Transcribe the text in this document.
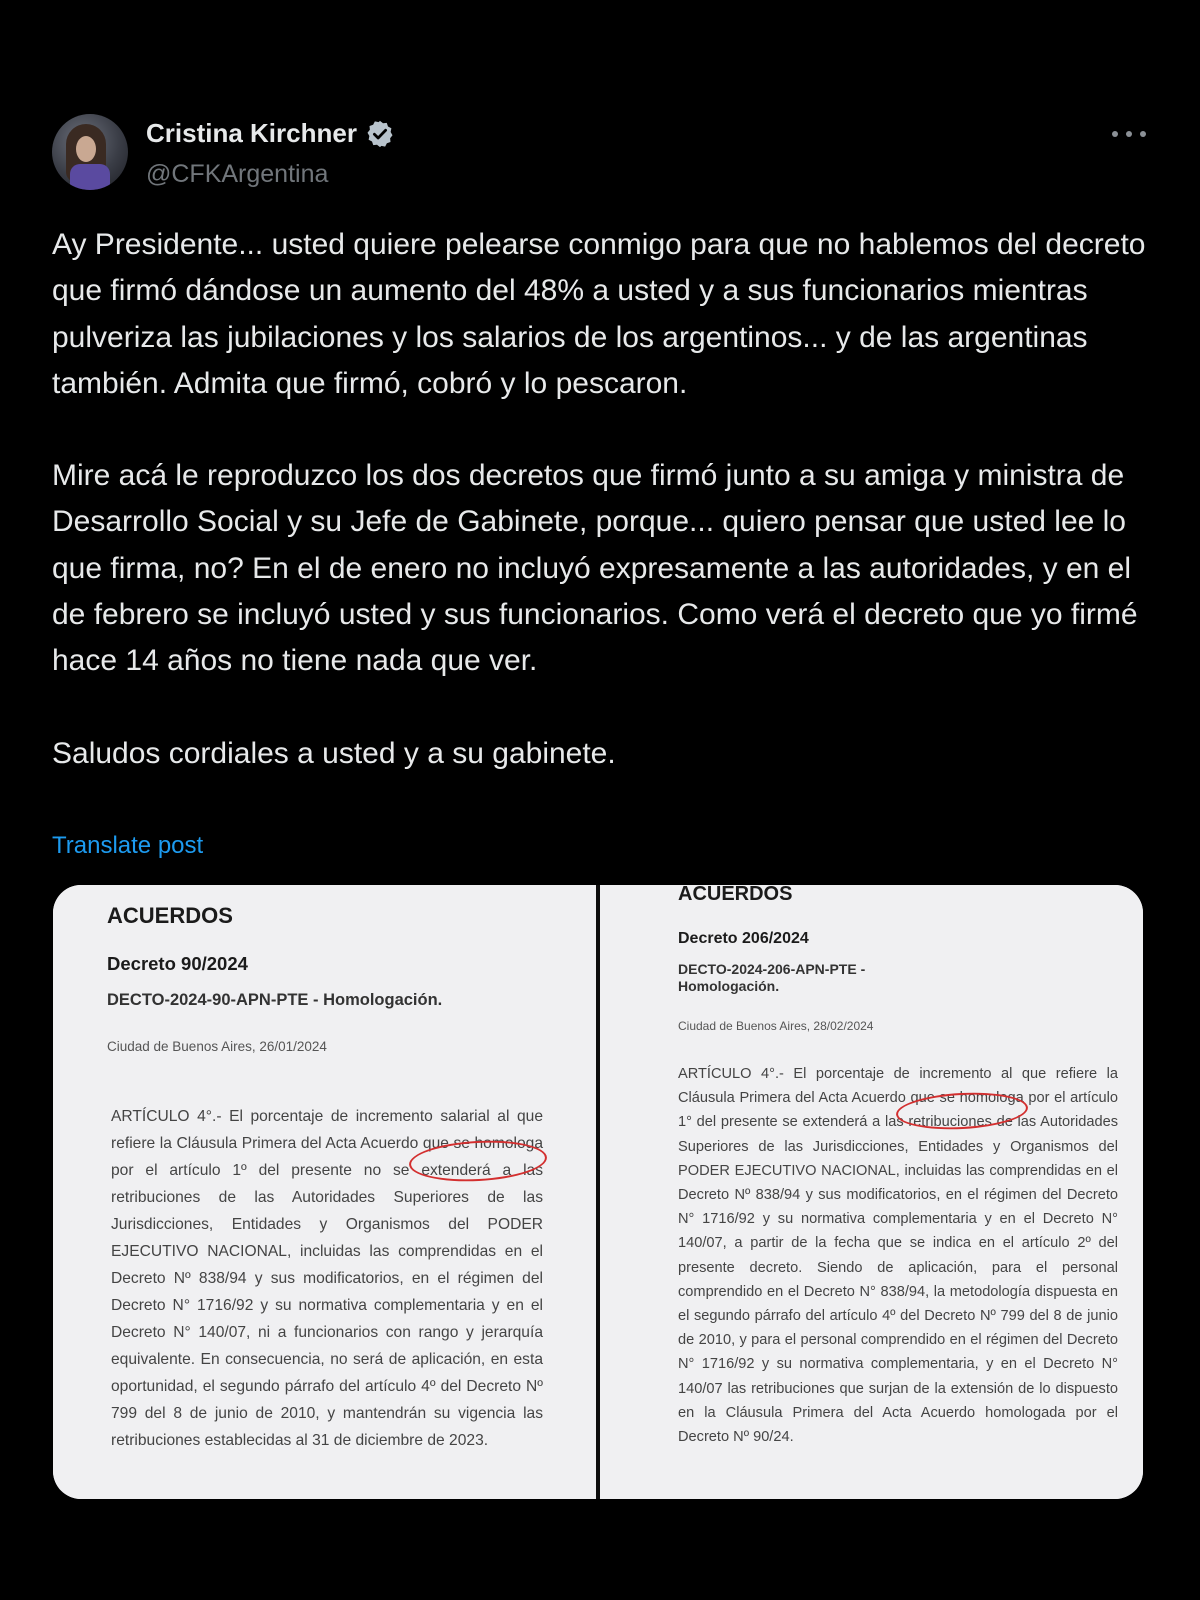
Cristina Kirchner
@CFKArgentina

Ay Presidente... usted quiere pelearse conmigo para que no hablemos del decreto que firmó dándose un aumento del 48% a usted y a sus funcionarios mientras pulveriza las jubilaciones y los salarios de los argentinos... y de las argentinas también. Admita que firmó, cobró y lo pescaron.

Mire acá le reproduzco los dos decretos que firmó junto a su amiga y ministra de Desarrollo Social y su Jefe de Gabinete, porque... quiero pensar que usted lee lo que firma, no? En el de enero no incluyó expresamente a las autoridades, y en el de febrero se incluyó usted y sus funcionarios. Como verá el decreto que yo firmé hace 14 años no tiene nada que ver.

Saludos cordiales a usted y a su gabinete.

Translate post
ACUERDOS
Decreto 90/2024
DECTO-2024-90-APN-PTE - Homologación.
Ciudad de Buenos Aires, 26/01/2024
ARTÍCULO 4°.- El porcentaje de incremento salarial al que refiere la Cláusula Primera del Acta Acuerdo que se homologa por el artículo 1º del presente no se extenderá a las retribuciones de las Autoridades Superiores de las Jurisdicciones, Entidades y Organismos del PODER EJECUTIVO NACIONAL, incluidas las comprendidas en el Decreto Nº 838/94 y sus modificatorios, en el régimen del Decreto N° 1716/92 y su normativa complementaria y en el Decreto N° 140/07, ni a funcionarios con rango y jerarquía equivalente. En consecuencia, no será de aplicación, en esta oportunidad, el segundo párrafo del artículo 4º del Decreto Nº 799 del 8 de junio de 2010, y mantendrán su vigencia las retribuciones establecidas al 31 de diciembre de 2023.
ACUERDOS
Decreto 206/2024
DECTO-2024-206-APN-PTE - Homologación.
Ciudad de Buenos Aires, 28/02/2024
ARTÍCULO 4°.- El porcentaje de incremento al que refiere la Cláusula Primera del Acta Acuerdo que se homologa por el artículo 1° del presente se extenderá a las retribuciones de las Autoridades Superiores de las Jurisdicciones, Entidades y Organismos del PODER EJECUTIVO NACIONAL, incluidas las comprendidas en el Decreto Nº 838/94 y sus modificatorios, en el régimen del Decreto N° 1716/92 y su normativa complementaria y en el Decreto N° 140/07, a partir de la fecha que se indica en el artículo 2º del presente decreto. Siendo de aplicación, para el personal comprendido en el Decreto N° 838/94, la metodología dispuesta en el segundo párrafo del artículo 4º del Decreto Nº 799 del 8 de junio de 2010, y para el personal comprendido en el régimen del Decreto N° 1716/92 y su normativa complementaria, y en el Decreto N° 140/07 las retribuciones que surjan de la extensión de lo dispuesto en la Cláusula Primera del Acta Acuerdo homologada por el Decreto Nº 90/24.
